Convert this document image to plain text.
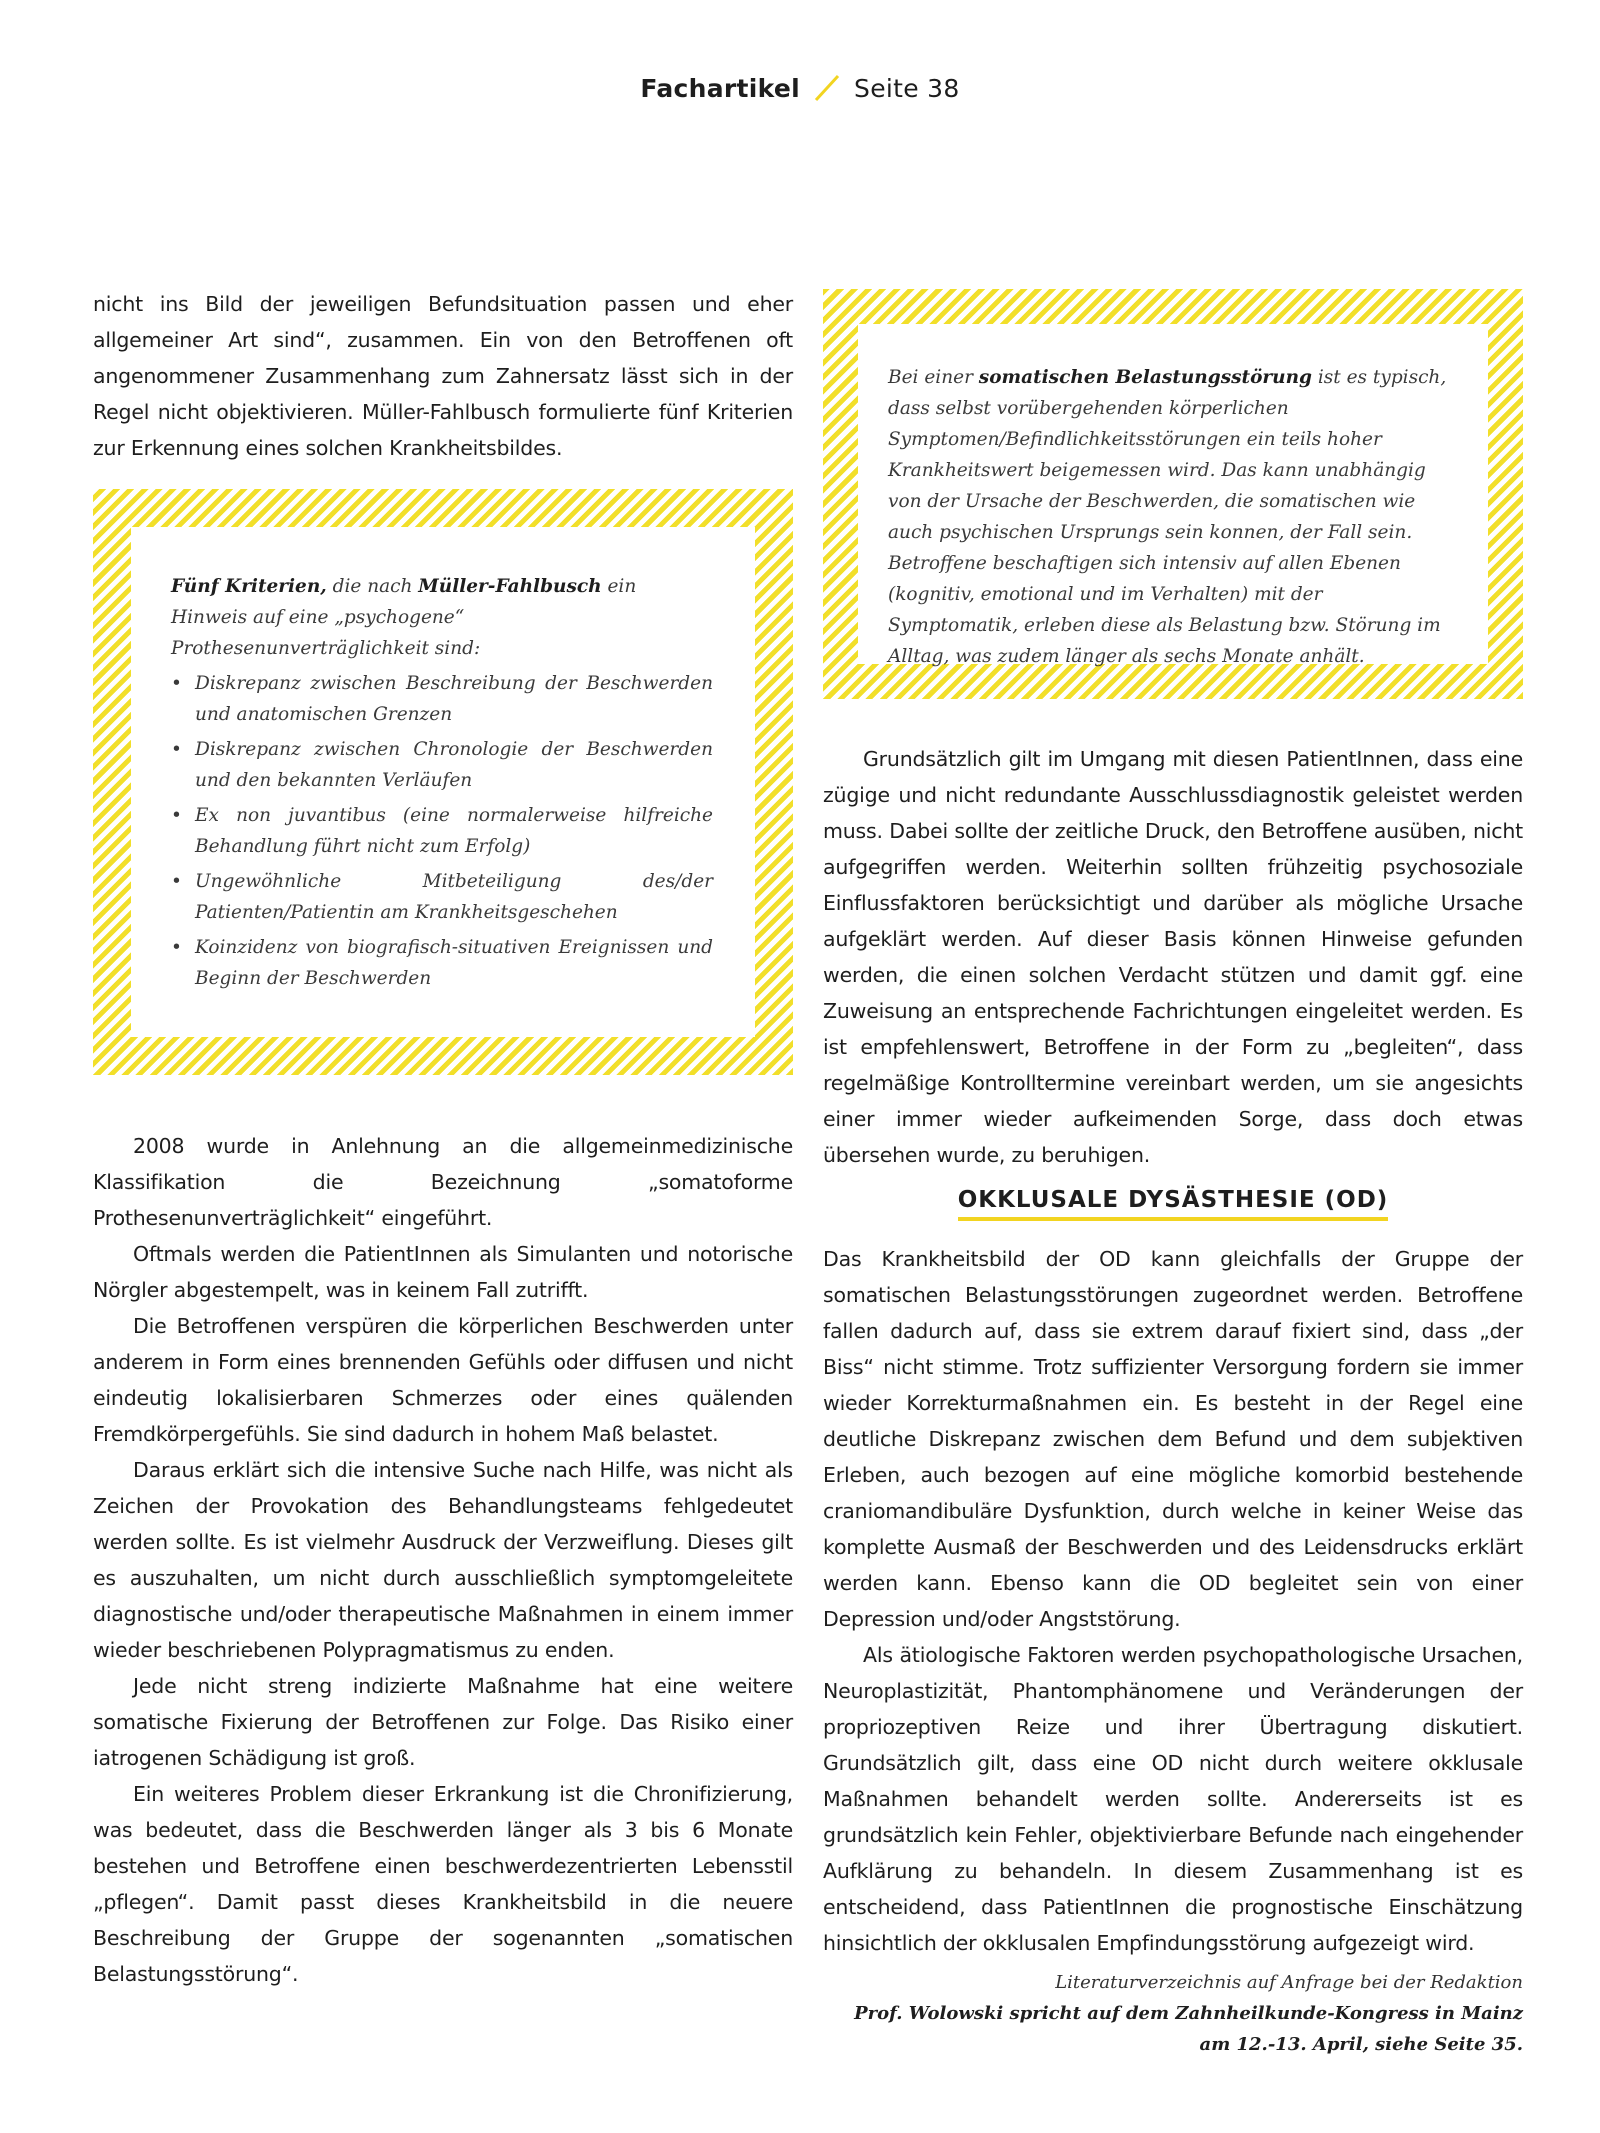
Fachartikel Seite 38

nicht ins Bild der jeweiligen Befundsituation passen und eher allgemeiner Art sind“, zusammen. Ein von den Betroffenen oft angenommener Zusammenhang zum Zahnersatz lässt sich in der Regel nicht objektivieren. Müller-Fahlbusch formulierte fünf Kriterien zur Erkennung eines solchen Krankheitsbildes.

Fünf Kriterien, die nach Müller-Fahlbusch ein Hinweis auf eine „psychogene“ Prothesenunverträglichkeit sind:
• Diskrepanz zwischen Beschreibung der Beschwerden und anatomischen Grenzen
• Diskrepanz zwischen Chronologie der Beschwerden und den bekannten Verläufen
• Ex non juvantibus (eine normalerweise hilfreiche Behandlung führt nicht zum Erfolg)
• Ungewöhnliche Mitbeteiligung des/der Patienten/Patientin am Krankheitsgeschehen
• Koinzidenz von biografisch-situativen Ereignissen und Beginn der Beschwerden

2008 wurde in Anlehnung an die allgemeinmedizinische Klassifikation die Bezeichnung „somatoforme Prothesenunverträglichkeit“ eingeführt.

Oftmals werden die PatientInnen als Simulanten und notorische Nörgler abgestempelt, was in keinem Fall zutrifft.

Die Betroffenen verspüren die körperlichen Beschwerden unter anderem in Form eines brennenden Gefühls oder diffusen und nicht eindeutig lokalisierbaren Schmerzes oder eines quälenden Fremdkörpergefühls. Sie sind dadurch in hohem Maß belastet.

Daraus erklärt sich die intensive Suche nach Hilfe, was nicht als Zeichen der Provokation des Behandlungsteams fehlgedeutet werden sollte. Es ist vielmehr Ausdruck der Verzweiflung. Dieses gilt es auszuhalten, um nicht durch ausschließlich symptomgeleitete diagnostische und/oder therapeutische Maßnahmen in einem immer wieder beschriebenen Polypragmatismus zu enden.

Jede nicht streng indizierte Maßnahme hat eine weitere somatische Fixierung der Betroffenen zur Folge. Das Risiko einer iatrogenen Schädigung ist groß.

Ein weiteres Problem dieser Erkrankung ist die Chronifizierung, was bedeutet, dass die Beschwerden länger als 3 bis 6 Monate bestehen und Betroffene einen beschwerdezentrierten Lebensstil „pflegen“. Damit passt dieses Krankheitsbild in die neuere Beschreibung der Gruppe der sogenannten „somatischen Belastungsstörung“.

Bei einer somatischen Belastungsstörung ist es typisch, dass selbst vorübergehenden körperlichen Symptomen/Befindlichkeitsstörungen ein teils hoher Krankheitswert beigemessen wird. Das kann unabhängig von der Ursache der Beschwerden, die somatischen wie auch psychischen Ursprungs sein konnen, der Fall sein. Betroffene beschaftigen sich intensiv auf allen Ebenen (kognitiv, emotional und im Verhalten) mit der Symptomatik, erleben diese als Belastung bzw. Störung im Alltag, was zudem länger als sechs Monate anhält.

Grundsätzlich gilt im Umgang mit diesen PatientInnen, dass eine zügige und nicht redundante Ausschlussdiagnostik geleistet werden muss. Dabei sollte der zeitliche Druck, den Betroffene ausüben, nicht aufgegriffen werden. Weiterhin sollten frühzeitig psychosoziale Einflussfaktoren berücksichtigt und darüber als mögliche Ursache aufgeklärt werden. Auf dieser Basis können Hinweise gefunden werden, die einen solchen Verdacht stützen und damit ggf. eine Zuweisung an entsprechende Fachrichtungen eingeleitet werden. Es ist empfehlenswert, Betroffene in der Form zu „begleiten“, dass regelmäßige Kontrolltermine vereinbart werden, um sie angesichts einer immer wieder aufkeimenden Sorge, dass doch etwas übersehen wurde, zu beruhigen.

OKKLUSALE DYSÄSTHESIE (OD)

Das Krankheitsbild der OD kann gleichfalls der Gruppe der somatischen Belastungsstörungen zugeordnet werden. Betroffene fallen dadurch auf, dass sie extrem darauf fixiert sind, dass „der Biss“ nicht stimme. Trotz suffizienter Versorgung fordern sie immer wieder Korrekturmaßnahmen ein. Es besteht in der Regel eine deutliche Diskrepanz zwischen dem Befund und dem subjektiven Erleben, auch bezogen auf eine mögliche komorbid bestehende craniomandibuläre Dysfunktion, durch welche in keiner Weise das komplette Ausmaß der Beschwerden und des Leidensdrucks erklärt werden kann. Ebenso kann die OD begleitet sein von einer Depression und/oder Angststörung.

Als ätiologische Faktoren werden psychopathologische Ursachen, Neuroplastizität, Phantomphänomene und Veränderungen der propriozeptiven Reize und ihrer Übertragung diskutiert. Grundsätzlich gilt, dass eine OD nicht durch weitere okklusale Maßnahmen behandelt werden sollte. Andererseits ist es grundsätzlich kein Fehler, objektivierbare Befunde nach eingehender Aufklärung zu behandeln. In diesem Zusammenhang ist es entscheidend, dass PatientInnen die prognostische Einschätzung hinsichtlich der okklusalen Empfindungsstörung aufgezeigt wird.

Literaturverzeichnis auf Anfrage bei der Redaktion
Prof. Wolowski spricht auf dem Zahnheilkunde-Kongress in Mainz
am 12.-13. April, siehe Seite 35.
